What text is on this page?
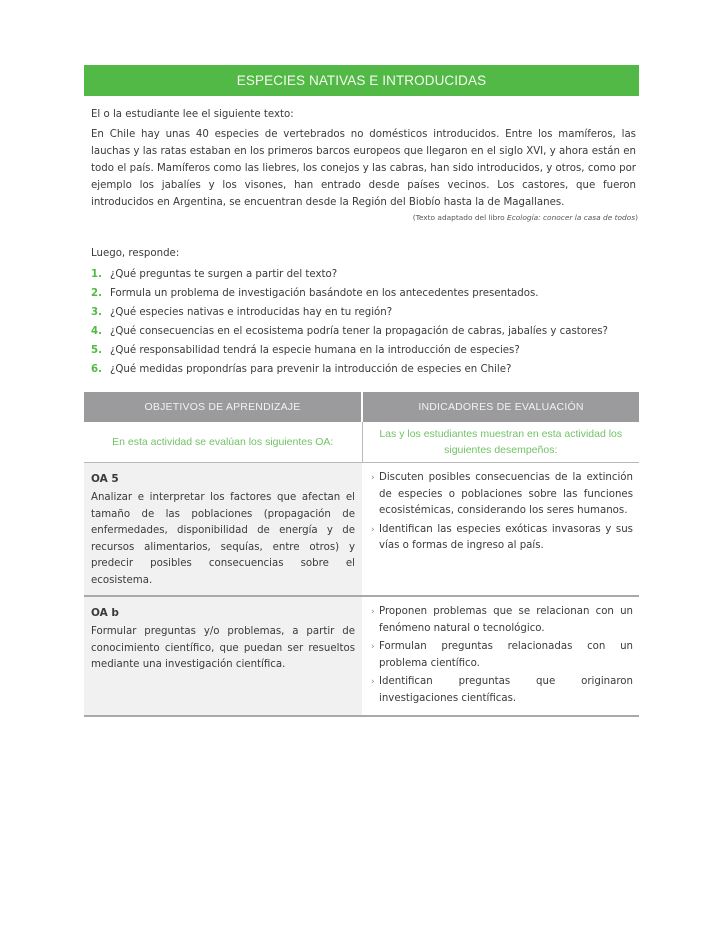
ESPECIES NATIVAS E INTRODUCIDAS
El o la estudiante lee el siguiente texto:
En Chile hay unas 40 especies de vertebrados no domésticos introducidos. Entre los mamíferos, las lauchas y las ratas estaban en los primeros barcos europeos que llegaron en el siglo XVI, y ahora están en todo el país. Mamíferos como las liebres, los conejos y las cabras, han sido introducidos, y otros, como por ejemplo los jabalíes y los visones, han entrado desde países vecinos. Los castores, que fueron introducidos en Argentina, se encuentran desde la Región del Biobío hasta la de Magallanes.
(Texto adaptado del libro Ecología: conocer la casa de todos)
Luego, responde:
1. ¿Qué preguntas te surgen a partir del texto?
2. Formula un problema de investigación basándote en los antecedentes presentados.
3. ¿Qué especies nativas e introducidas hay en tu región?
4. ¿Qué consecuencias en el ecosistema podría tener la propagación de cabras, jabalíes y castores?
5. ¿Qué responsabilidad tendrá la especie humana en la introducción de especies?
6. ¿Qué medidas propondrías para prevenir la introducción de especies en Chile?
OBJETIVOS DE APRENDIZAJE	INDICADORES DE EVALUACIÓN
En esta actividad se evalúan los siguientes OA:	Las y los estudiantes muestran en esta actividad los siguientes desempeños:

OA 5
Analizar e interpretar los factores que afectan el tamaño de las poblaciones (propagación de enfermedades, disponibilidad de energía y de recursos alimentarios, sequías, entre otros) y predecir posibles consecuencias sobre el ecosistema.

› Discuten posibles consecuencias de la extinción de especies o poblaciones sobre las funciones ecosistémicas, considerando los seres humanos.
› Identifican las especies exóticas invasoras y sus vías o formas de ingreso al país.

OA b
Formular preguntas y/o problemas, a partir de conocimiento científico, que puedan ser resueltos mediante una investigación científica.

› Proponen problemas que se relacionan con un fenómeno natural o tecnológico.
› Formulan preguntas relacionadas con un problema científico.
› Identifican preguntas que originaron investigaciones científicas.
